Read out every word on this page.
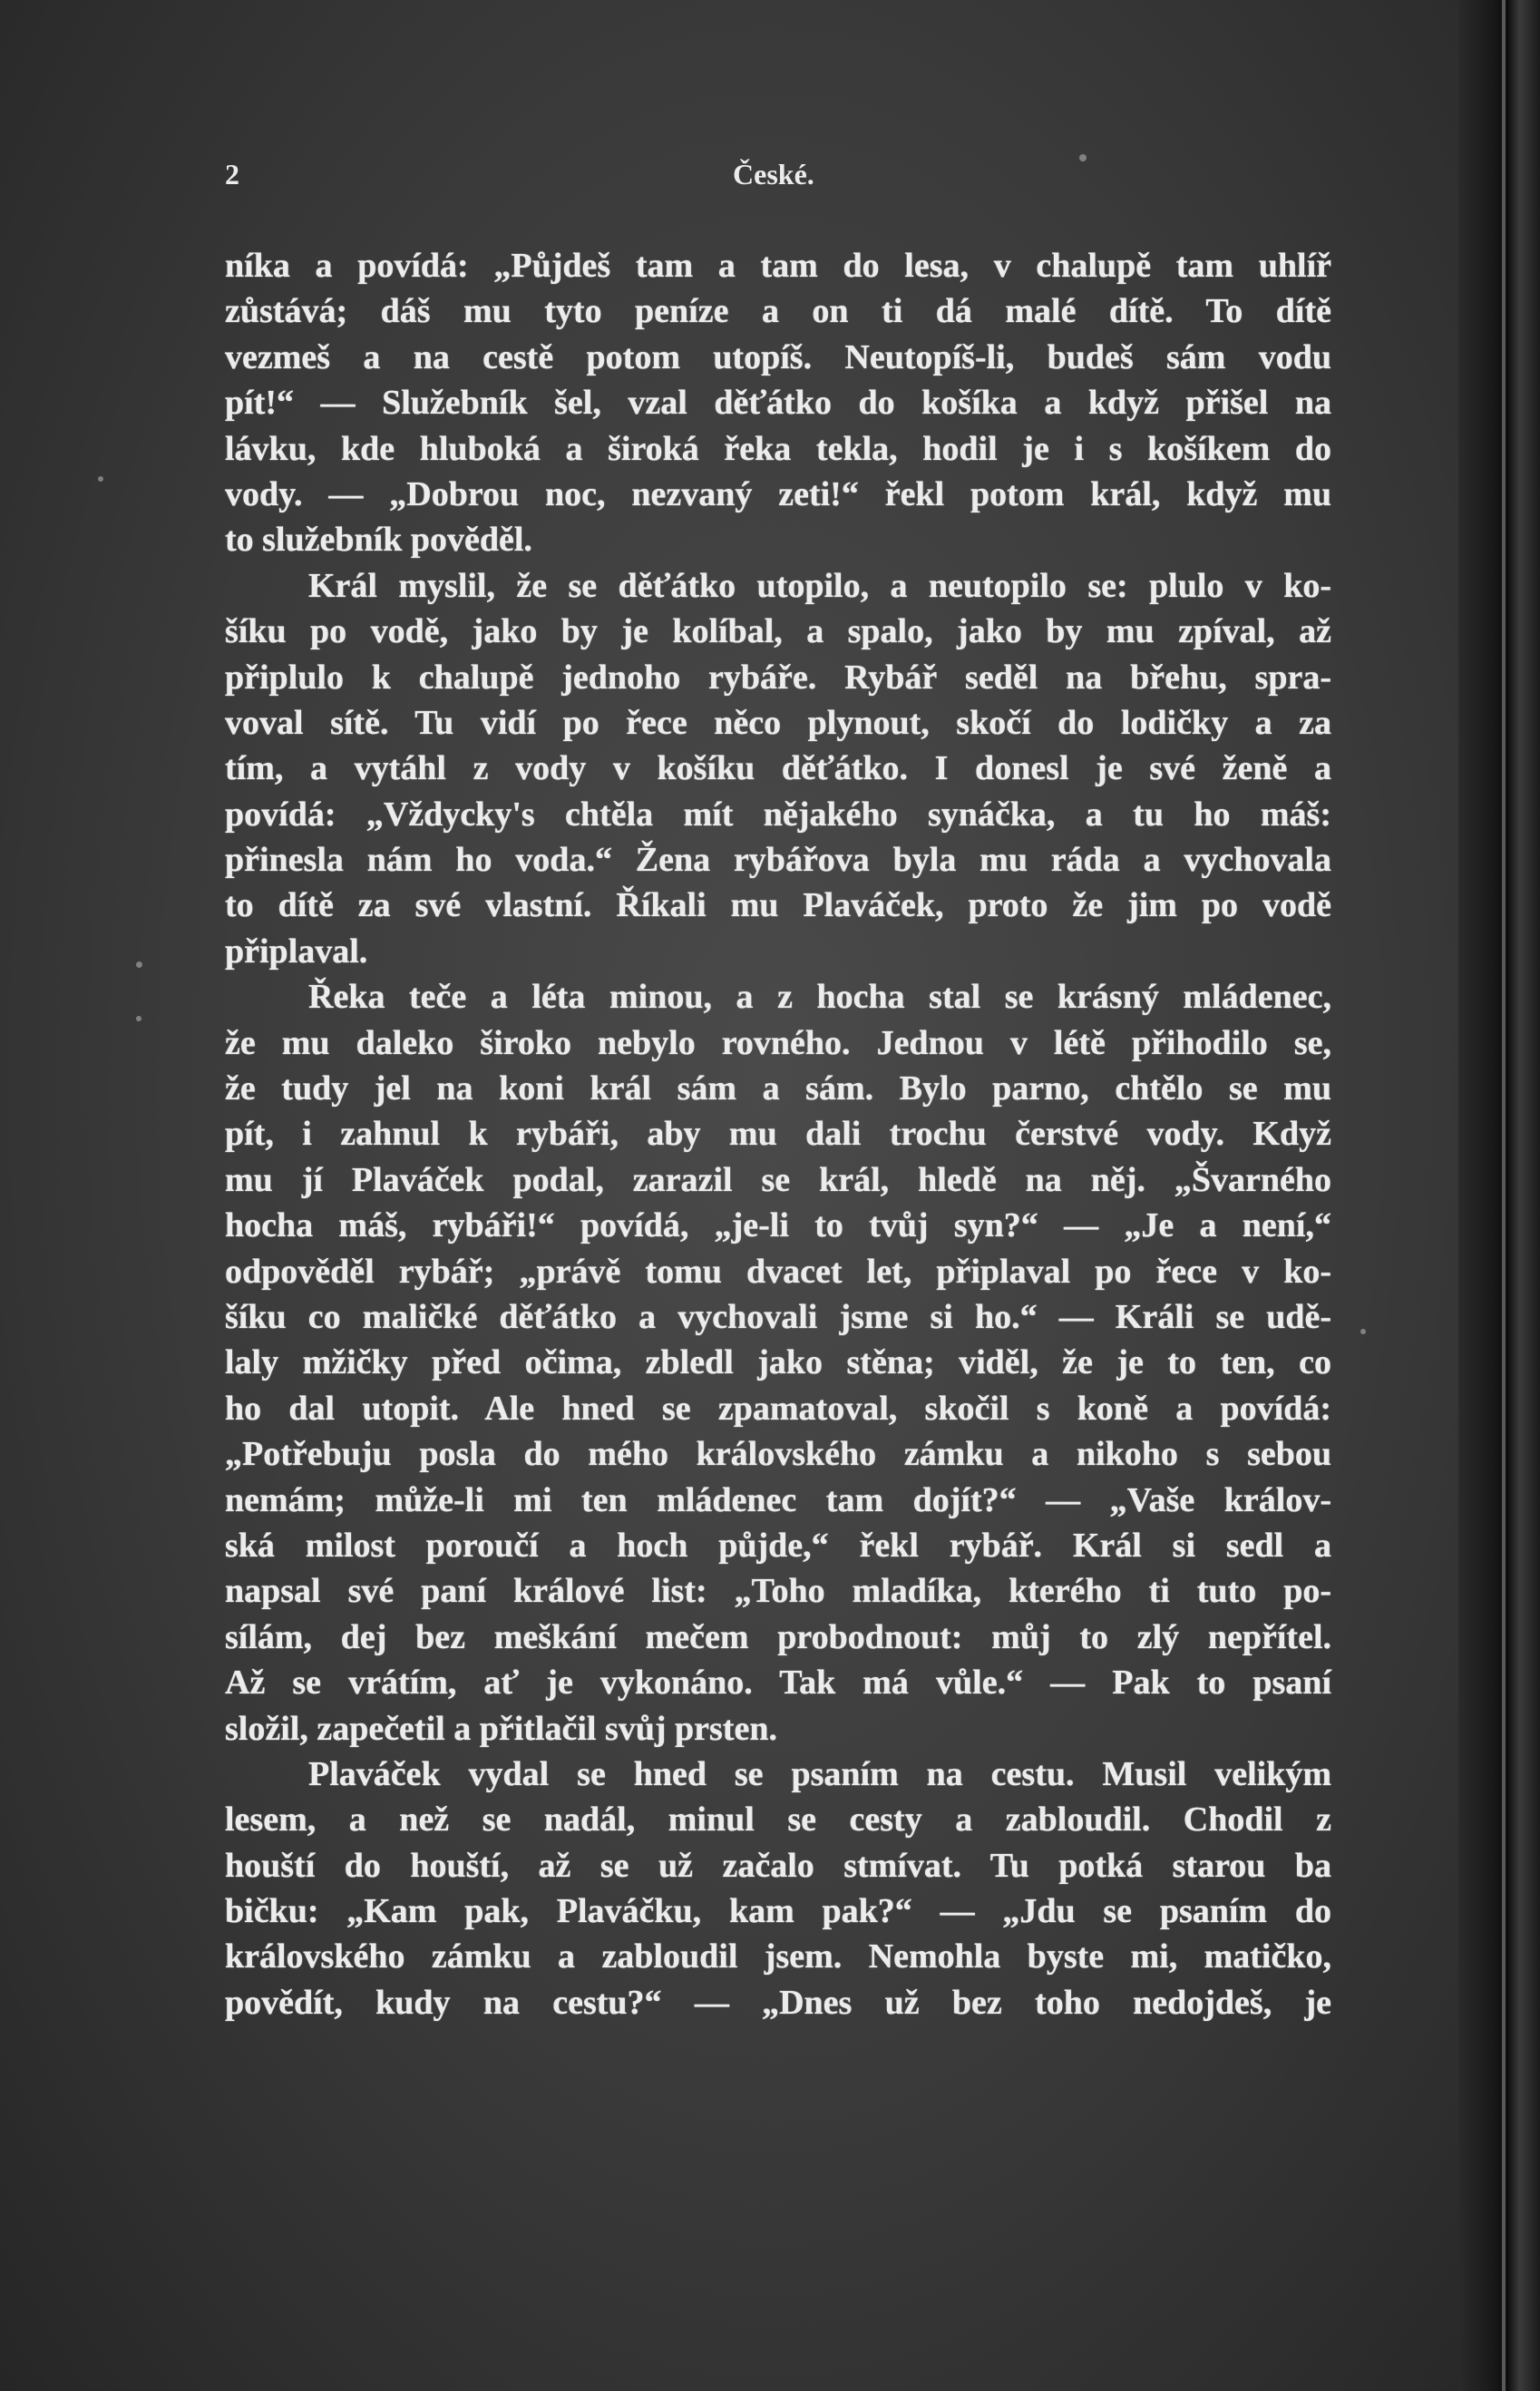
2	České.
níka a povídá: „Půjdeš tam a tam do lesa, v chalupě tam uhlíř
zůstává; dáš mu tyto peníze a on ti dá malé dítě. To dítě
vezmeš a na cestě potom utopíš. Neutopíš-li, budeš sám vodu
pít!“ — Služebník šel, vzal děťátko do košíka a když přišel na
lávku, kde hluboká a široká řeka tekla, hodil je i s košíkem do
vody. — „Dobrou noc, nezvaný zeti!“ řekl potom král, když mu
to služebník pověděl.
Král myslil, že se děťátko utopilo, a neutopilo se: plulo v ko-
šíku po vodě, jako by je kolíbal, a spalo, jako by mu zpíval, až
připlulo k chalupě jednoho rybáře. Rybář seděl na břehu, spra-
voval sítě. Tu vidí po řece něco plynout, skočí do lodičky a za
tím, a vytáhl z vody v košíku děťátko. I donesl je své ženě a
povídá: „Vždycky's chtěla mít nějakého synáčka, a tu ho máš:
přinesla nám ho voda.“ Žena rybářova byla mu ráda a vychovala
to dítě za své vlastní. Říkali mu Plaváček, proto že jim po vodě
připlaval.
Řeka teče a léta minou, a z hocha stal se krásný mládenec,
že mu daleko široko nebylo rovného. Jednou v létě přihodilo se,
že tudy jel na koni král sám a sám. Bylo parno, chtělo se mu
pít, i zahnul k rybáři, aby mu dali trochu čerstvé vody. Když
mu jí Plaváček podal, zarazil se král, hledě na něj. „Švarného
hocha máš, rybáři!“ povídá, „je-li to tvůj syn?“ — „Je a není,“
odpověděl rybář; „právě tomu dvacet let, připlaval po řece v ko-
šíku co maličké děťátko a vychovali jsme si ho.“ — Králi se udě-
laly mžičky před očima, zbledl jako stěna; viděl, že je to ten, co
ho dal utopit. Ale hned se zpamatoval, skočil s koně a povídá:
„Potřebuju posla do mého královského zámku a nikoho s sebou
nemám; může-li mi ten mládenec tam dojít?“ — „Vaše králov-
ská milost poroučí a hoch půjde,“ řekl rybář. Král si sedl a
napsal své paní králové list: „Toho mladíka, kterého ti tuto po-
sílám, dej bez meškání mečem probodnout: můj to zlý nepřítel.
Až se vrátím, ať je vykonáno. Tak má vůle.“ — Pak to psaní
složil, zapečetil a přitlačil svůj prsten.
Plaváček vydal se hned se psaním na cestu. Musil velikým
lesem, a než se nadál, minul se cesty a zabloudil. Chodil z
houští do houští, až se už začalo stmívat. Tu potká starou ba
bičku: „Kam pak, Plaváčku, kam pak?“ — „Jdu se psaním do
královského zámku a zabloudil jsem. Nemohla byste mi, matičko,
povědít, kudy na cestu?“ — „Dnes už bez toho nedojdeš, je
